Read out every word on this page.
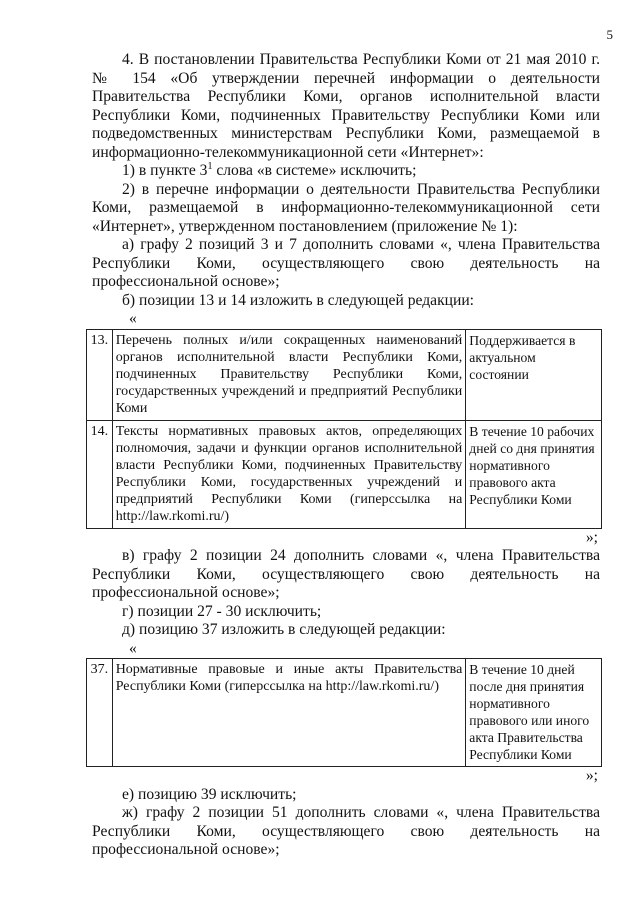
5

4. В постановлении Правительства Республики Коми от 21 мая 2010 г. № 154 «Об утверждении перечней информации о деятельности Правительства Республики Коми, органов исполнительной власти Республики Коми, подчиненных Правительству Республики Коми или подведомственных министерствам Республики Коми, размещаемой в информационно-телекоммуникационной сети «Интернет»:

1) в пункте $3^1$ слова «в системе» исключить;

2) в перечне информации о деятельности Правительства Республики Коми, размещаемой в информационно-телекоммуникационной сети «Интернет», утвержденном постановлением (приложение № 1):

а) графу 2 позиций 3 и 7 дополнить словами «, члена Правительства Республики Коми, осуществляющего свою деятельность на профессиональной основе»;

б) позиции 13 и 14 изложить в следующей редакции:

«

13.	Перечень полных и/или сокращенных наименований органов исполнительной власти Республики Коми, подчиненных Правительству Республики Коми, государственных учреждений и предприятий Республики Коми	Поддерживается в актуальном состоянии
14.	Тексты нормативных правовых актов, определяющих полномочия, задачи и функции органов исполнительной власти Республики Коми, подчиненных Правительству Республики Коми, государственных учреждений и предприятий Республики Коми (гиперссылка на http://law.rkomi.ru/)	В течение 10 рабочих дней со дня принятия нормативного правового акта Республики Коми

»;

в) графу 2 позиции 24 дополнить словами «, члена Правительства Республики Коми, осуществляющего свою деятельность на профессиональной основе»;

г) позиции 27 - 30 исключить;

д) позицию 37 изложить в следующей редакции:

«

37.	Нормативные правовые и иные акты Правительства Республики Коми (гиперссылка на http://law.rkomi.ru/)	В течение 10 дней после дня принятия нормативного правового или иного акта Правительства Республики Коми

»;

е) позицию 39 исключить;

ж) графу 2 позиции 51 дополнить словами «, члена Правительства Республики Коми, осуществляющего свою деятельность на профессиональной основе»;
